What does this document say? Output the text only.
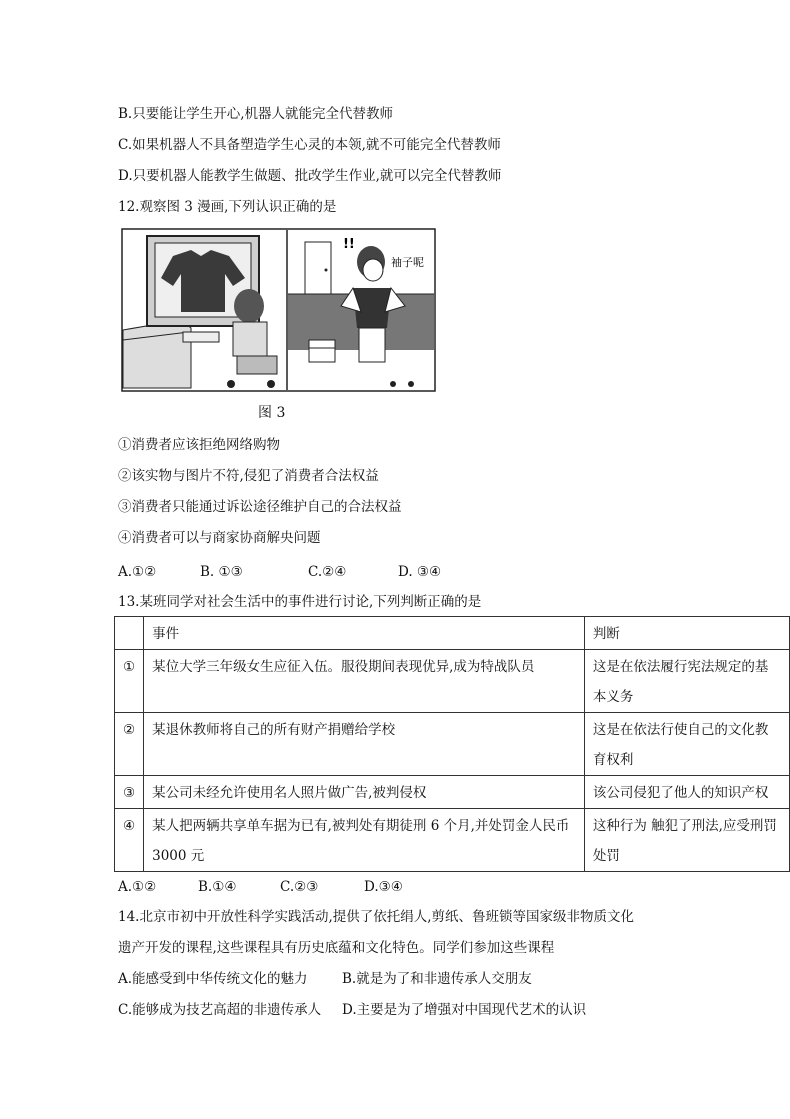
B.只要能让学生开心,机器人就能完全代替教师
C.如果机器人不具备塑造学生心灵的本领,就不可能完全代替教师
D.只要机器人能教学生做题、批改学生作业,就可以完全代替教师
12.观察图 3 漫画,下列认识正确的是
!!
袖子呢
图 3
①消费者应该拒绝网络购物
②该实物与图片不符,侵犯了消费者合法权益
③消费者只能通过诉讼途径维护自己的合法权益
④消费者可以与商家协商解央问题
A.①②	B. ①③	C.②④	D. ③④
13.某班同学对社会生活中的事件进行讨论,下列判断正确的是

	事件	判断

①	某位大学三年级女生应征入伍。服役期间表现优异,成为特战队员	这是在依法履行宪法规定的基本义务

②	某退休教师将自己的所有财产捐赠给学校	这是在依法行使自己的文化教育权利

③	某公司未经允许使用名人照片做广告,被判侵权	该公司侵犯了他人的知识产权

④	某人把两辆共享单车据为已有,被判处有期徒刑 6 个月,并处罚金人民币 3000 元	这种行为 触犯了刑法,应受刑罚处罚
A.①②	B.①④	C.②③	D.③④
14.北京市初中开放性科学实践活动,提供了依托绢人,剪纸、鲁班锁等国家级非物质文化
遗产开发的课程,这些课程具有历史底蕴和文化特色。同学们参加这些课程
A.能感受到中华传统文化的魅力	B.就是为了和非遗传承人交朋友
C.能够成为技艺高超的非遗传承人 D.主要是为了增强对中国现代艺术的认识
